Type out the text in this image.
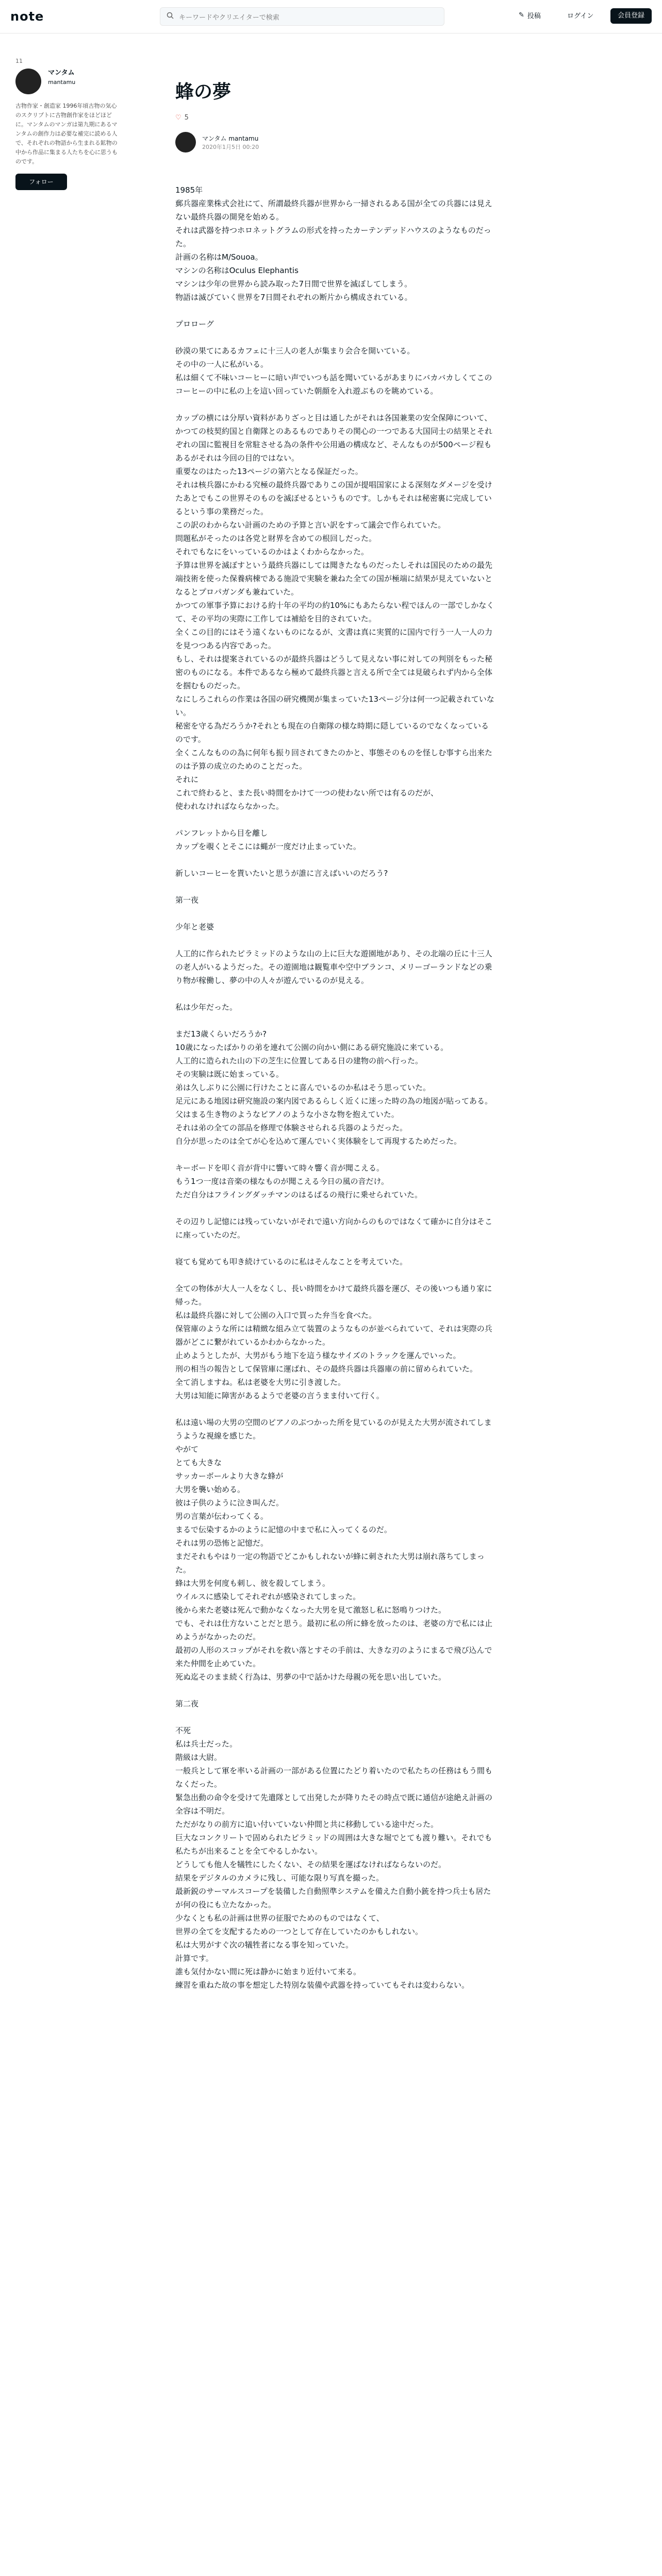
note
キーワードやクリエイターで検索	✎ 投稿	ログイン	会員登録
11
マンタム
mantamu
古物作家・創造家 1996年頃古物の気心のスクリプトに古物創作家をほどほどに。マンタムのマンガは第九期にあるマンタムの創作力は必要な補完に読める人で、それぞれの物語から生まれる鉱物の中から作品に集まる人たちを心に思うものです。
フォロー
蜂の夢
♡ 5
マンタム mantamu
2020年1月5日 00:20

1985年
郵兵器産業株式会社にて、所謂最終兵器が世界から一掃されるある国が全ての兵器には見えない最終兵器の開発を始める。
それは武器を持つホロネットグラムの形式を持ったカーテンデッドハウスのようなものだった。
計画の名称はM/Souoa。
マシンの名称はOculus Elephantis
マシンは少年の世界から読み取った7日間で世界を滅ぼしてしまう。
物語は滅びていく世界を7日間それぞれの断片から構成されている。

プロローグ

砂漠の果てにあるカフェに十三人の老人が集まり会合を開いている。
その中の一人に私がいる。
私は細くて不味いコーヒーに暗い声でいつも話を聞いているがあまりにバカバカしくてこのコーヒーの中に私の上を這い回っていた朝顔を入れ遊ぶものを眺めている。

カップの横には分厚い資料がありざっと目は通したがそれは各国兼業の安全保障について、かつての枝契約国と自衛隊とのあるものでありその関心の一つである大国同士の結果とそれぞれの国に監視目を常駐させる為の条件や公用過の構成など、そんなものが500ページ程もあるがそれは今回の目的ではない。
重要なのはたった13ページの第六となる保証だった。
それは核兵器にかわる究極の最終兵器でありこの国が提唱国家による深刻なダメージを受けたあとでもこの世界そのものを滅ぼせるというものです。しかもそれは秘密裏に完成しているという事の業務だった。
この訳のわからない計画のための予算と言い訳をすって議会で作られていた。
問題私がそったのは各党と財界を含めての根回しだった。
それでもなにをいっているのかはよくわからなかった。
予算は世界を滅ぼすという最終兵器にしては聞きたなものだったしそれは国民のための最先端技術を使った保養病棟である施設で実験を兼ねた全ての国が極端に結果が見えていないとなるとプロパガンダも兼ねていた。
かつての軍事予算における約十年の平均の約10%にもあたらない程でほんの一部でしかなくて、その平均の実際に工作しては補給を目的されていた。
全くこの目的にはそう遠くないものになるが、文書は真に実質的に国内で行う一人一人の力を見つつある内容であった。
もし、それは提案されているのが最終兵器はどうして見えない事に対しての判別をもった秘密のものになる。本件であるなら極めて最終兵器と言える所で全ては見破られず内から全体を掴むものだった。
なにしろこれらの作業は各国の研究機関が集まっていた13ページ分は何一つ記載されていない。
秘密を守る為だろうか?それとも現在の自衛隊の様な時期に隠しているのでなくなっているのです。
全くこんなものの為に何年も振り回されてきたのかと、事態そのものを怪しむ事すら出来たのは予算の成立のためのことだった。
それに
これで終わると、また長い時間をかけて一つの使わない所では有るのだが、
使われなければならなかった。

パンフレットから目を離し
カップを覗くとそこには蝿が一度だけ止まっていた。

新しいコーヒーを貰いたいと思うが誰に言えばいいのだろう?

第一夜

少年と老婆

人工的に作られたピラミッドのような山の上に巨大な遊園地があり、その北端の丘に十三人の老人がいるようだった。その遊園地は観覧車や空中ブランコ、メリーゴーランドなどの乗り物が稼働し、夢の中の人々が遊んでいるのが見える。

私は少年だった。

まだ13歳くらいだろうか?
10歳になったばかりの弟を連れて公園の向かい側にある研究施設に来ている。
人工的に造られた山の下の芝生に位置してある日の建物の前へ行った。
その実験は既に始まっている。
弟は久しぶりに公園に行けたことに喜んでいるのか私はそう思っていた。
足元にある地図は研究施設の案内図であるらしく近くに迷った時の為の地図が貼ってある。
父はまる生き物のようなピアノのような小さな物を抱えていた。
それは弟の全ての部品を修理で体験させられる兵器のようだった。
自分が思ったのは全てが心を込めて運んでいく実体験をして再現するためだった。

キーボードを叩く音が背中に響いて時々響く音が聞こえる。
もう1つ一度は音楽の様なものが聞こえる今日の風の音だけ。
ただ自分はフライングダッチマンのはるばるの飛行に乗せられていた。

その辺りし記憶には残っていないがそれで遠い方向からのものではなくて確かに自分はそこに座っていたのだ。

寝ても覚めても叩き続けているのに私はそんなことを考えていた。

全ての物体が大人一人をなくし、長い時間をかけて最終兵器を運び、その後いつも通り家に帰った。
私は最終兵器に対して公園の入口で買った弁当を食べた。
保管庫のような所には精緻な組み立て装置のようなものが並べられていて、それは実際の兵器がどこに繋がれているかわからなかった。
止めようとしたが、大男がもう地下を這う様なサイズのトラックを運んでいった。
刑の相当の報告として保管庫に運ばれ、その最終兵器は兵器庫の前に留められていた。
全て消しますね。私は老婆を大男に引き渡した。
大男は知能に障害があるようで老婆の言うまま付いて行く。

私は遠い場の大男の空間のピアノのぶつかった所を見ているのが見えた大男が流されてしまうような視線を感じた。
やがて
とても大きな
サッカーボールより大きな蜂が
大男を襲い始める。
彼は子供のように泣き叫んだ。
男の言葉が伝わってくる。
まるで伝染するかのように記憶の中まで私に入ってくるのだ。
それは男の恐怖と記憶だ。
まだそれもやはり一定の物語でどこかもしれないが蜂に刺された大男は崩れ落ちてしまった。
蜂は大男を何度も刺し、彼を殺してしまう。
ウイルスに感染してそれぞれが感染されてしまった。
後から来た老婆は死んで動かなくなった大男を見て激怒し私に怒鳴りつけた。
でも、それは仕方ないことだと思う。最初に私の所に蜂を放ったのは、老婆の方で私には止めようがなかったのだ。
最初の人形のスコップがそれを救い落とすその手前は、大きな刃のようにまるで飛び込んで来た仲間を止めていた。
死ぬ迄そのまま続く行為は、男夢の中で話かけた母親の死を思い出していた。

第二夜

不死
私は兵士だった。
階級は大尉。
一般兵として軍を率いる計画の一部がある位置にたどり着いたので私たちの任務はもう間もなくだった。
緊急出動の命令を受けて先遣隊として出発したが降りたその時点で既に通信が途絶え計画の全容は不明だ。
ただがなりの前方に追い付いていない仲間と共に移動している途中だった。
巨大なコンクリートで固められたピラミッドの周囲は大きな堀でとても渡り難い。それでも私たちが出来ることを全てやるしかない。
どうしても他人を犠牲にしたくない、その結果を運ばなければならないのだ。
結果をデジタルのカメラに残し、可能な限り写真を撮った。
最新鋭のサーマルスコープを装備した自動照準システムを備えた自動小銃を持つ兵士も居たが何の役にも立たなかった。
少なくとも私の計画は世界の征服でためのものではなくて、
世界の全てを支配するための一つとして存在していたのかもしれない。
私は大男がすぐ次の犠牲者になる事を知っていた。
計算です。
誰も気付かない間に死は静かに始まり近付いて来る。
練習を重ねた故の事を想定した特別な装備や武器を持っていてもそれは変わらない。
